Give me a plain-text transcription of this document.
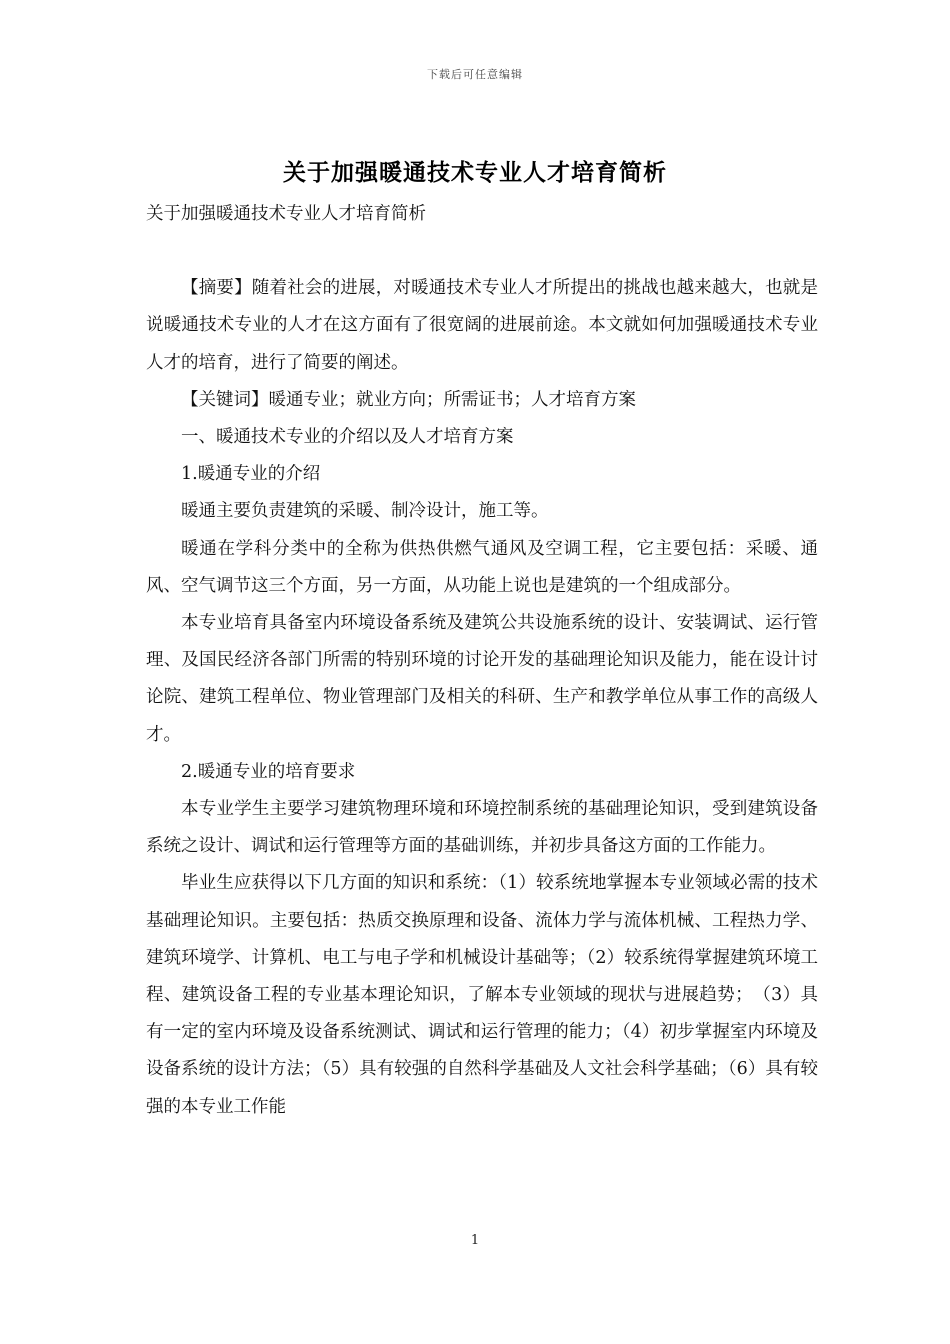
下载后可任意编辑
关于加强暖通技术专业人才培育简析

关于加强暖通技术专业人才培育简析

【摘要】随着社会的进展，对暖通技术专业人才所提出的挑战也越来越大，也就是说暖通技术专业的人才在这方面有了很宽阔的进展前途。本文就如何加强暖通技术专业人才的培育，进行了简要的阐述。

【关键词】暖通专业；就业方向；所需证书；人才培育方案

一、暖通技术专业的介绍以及人才培育方案

1.暖通专业的介绍

暖通主要负责建筑的采暖、制冷设计，施工等。

暖通在学科分类中的全称为供热供燃气通风及空调工程，它主要包括：采暖、通风、空气调节这三个方面，另一方面，从功能上说也是建筑的一个组成部分。

本专业培育具备室内环境设备系统及建筑公共设施系统的设计、安装调试、运行管理、及国民经济各部门所需的特别环境的讨论开发的基础理论知识及能力，能在设计讨论院、建筑工程单位、物业管理部门及相关的科研、生产和教学单位从事工作的高级人才。

2.暖通专业的培育要求

本专业学生主要学习建筑物理环境和环境控制系统的基础理论知识，受到建筑设备系统之设计、调试和运行管理等方面的基础训练，并初步具备这方面的工作能力。

毕业生应获得以下几方面的知识和系统：（1）较系统地掌握本专业领域必需的技术基础理论知识。主要包括：热质交换原理和设备、流体力学与流体机械、工程热力学、建筑环境学、计算机、电工与电子学和机械设计基础等；（2）较系统得掌握建筑环境工程、建筑设备工程的专业基本理论知识，了解本专业领域的现状与进展趋势；　（3）具有一定的室内环境及设备系统测试、调试和运行管理的能力；（4）初步掌握室内环境及设备系统的设计方法；（5）具有较强的自然科学基础及人文社会科学基础；（6）具有较强的本专业工作能

1
